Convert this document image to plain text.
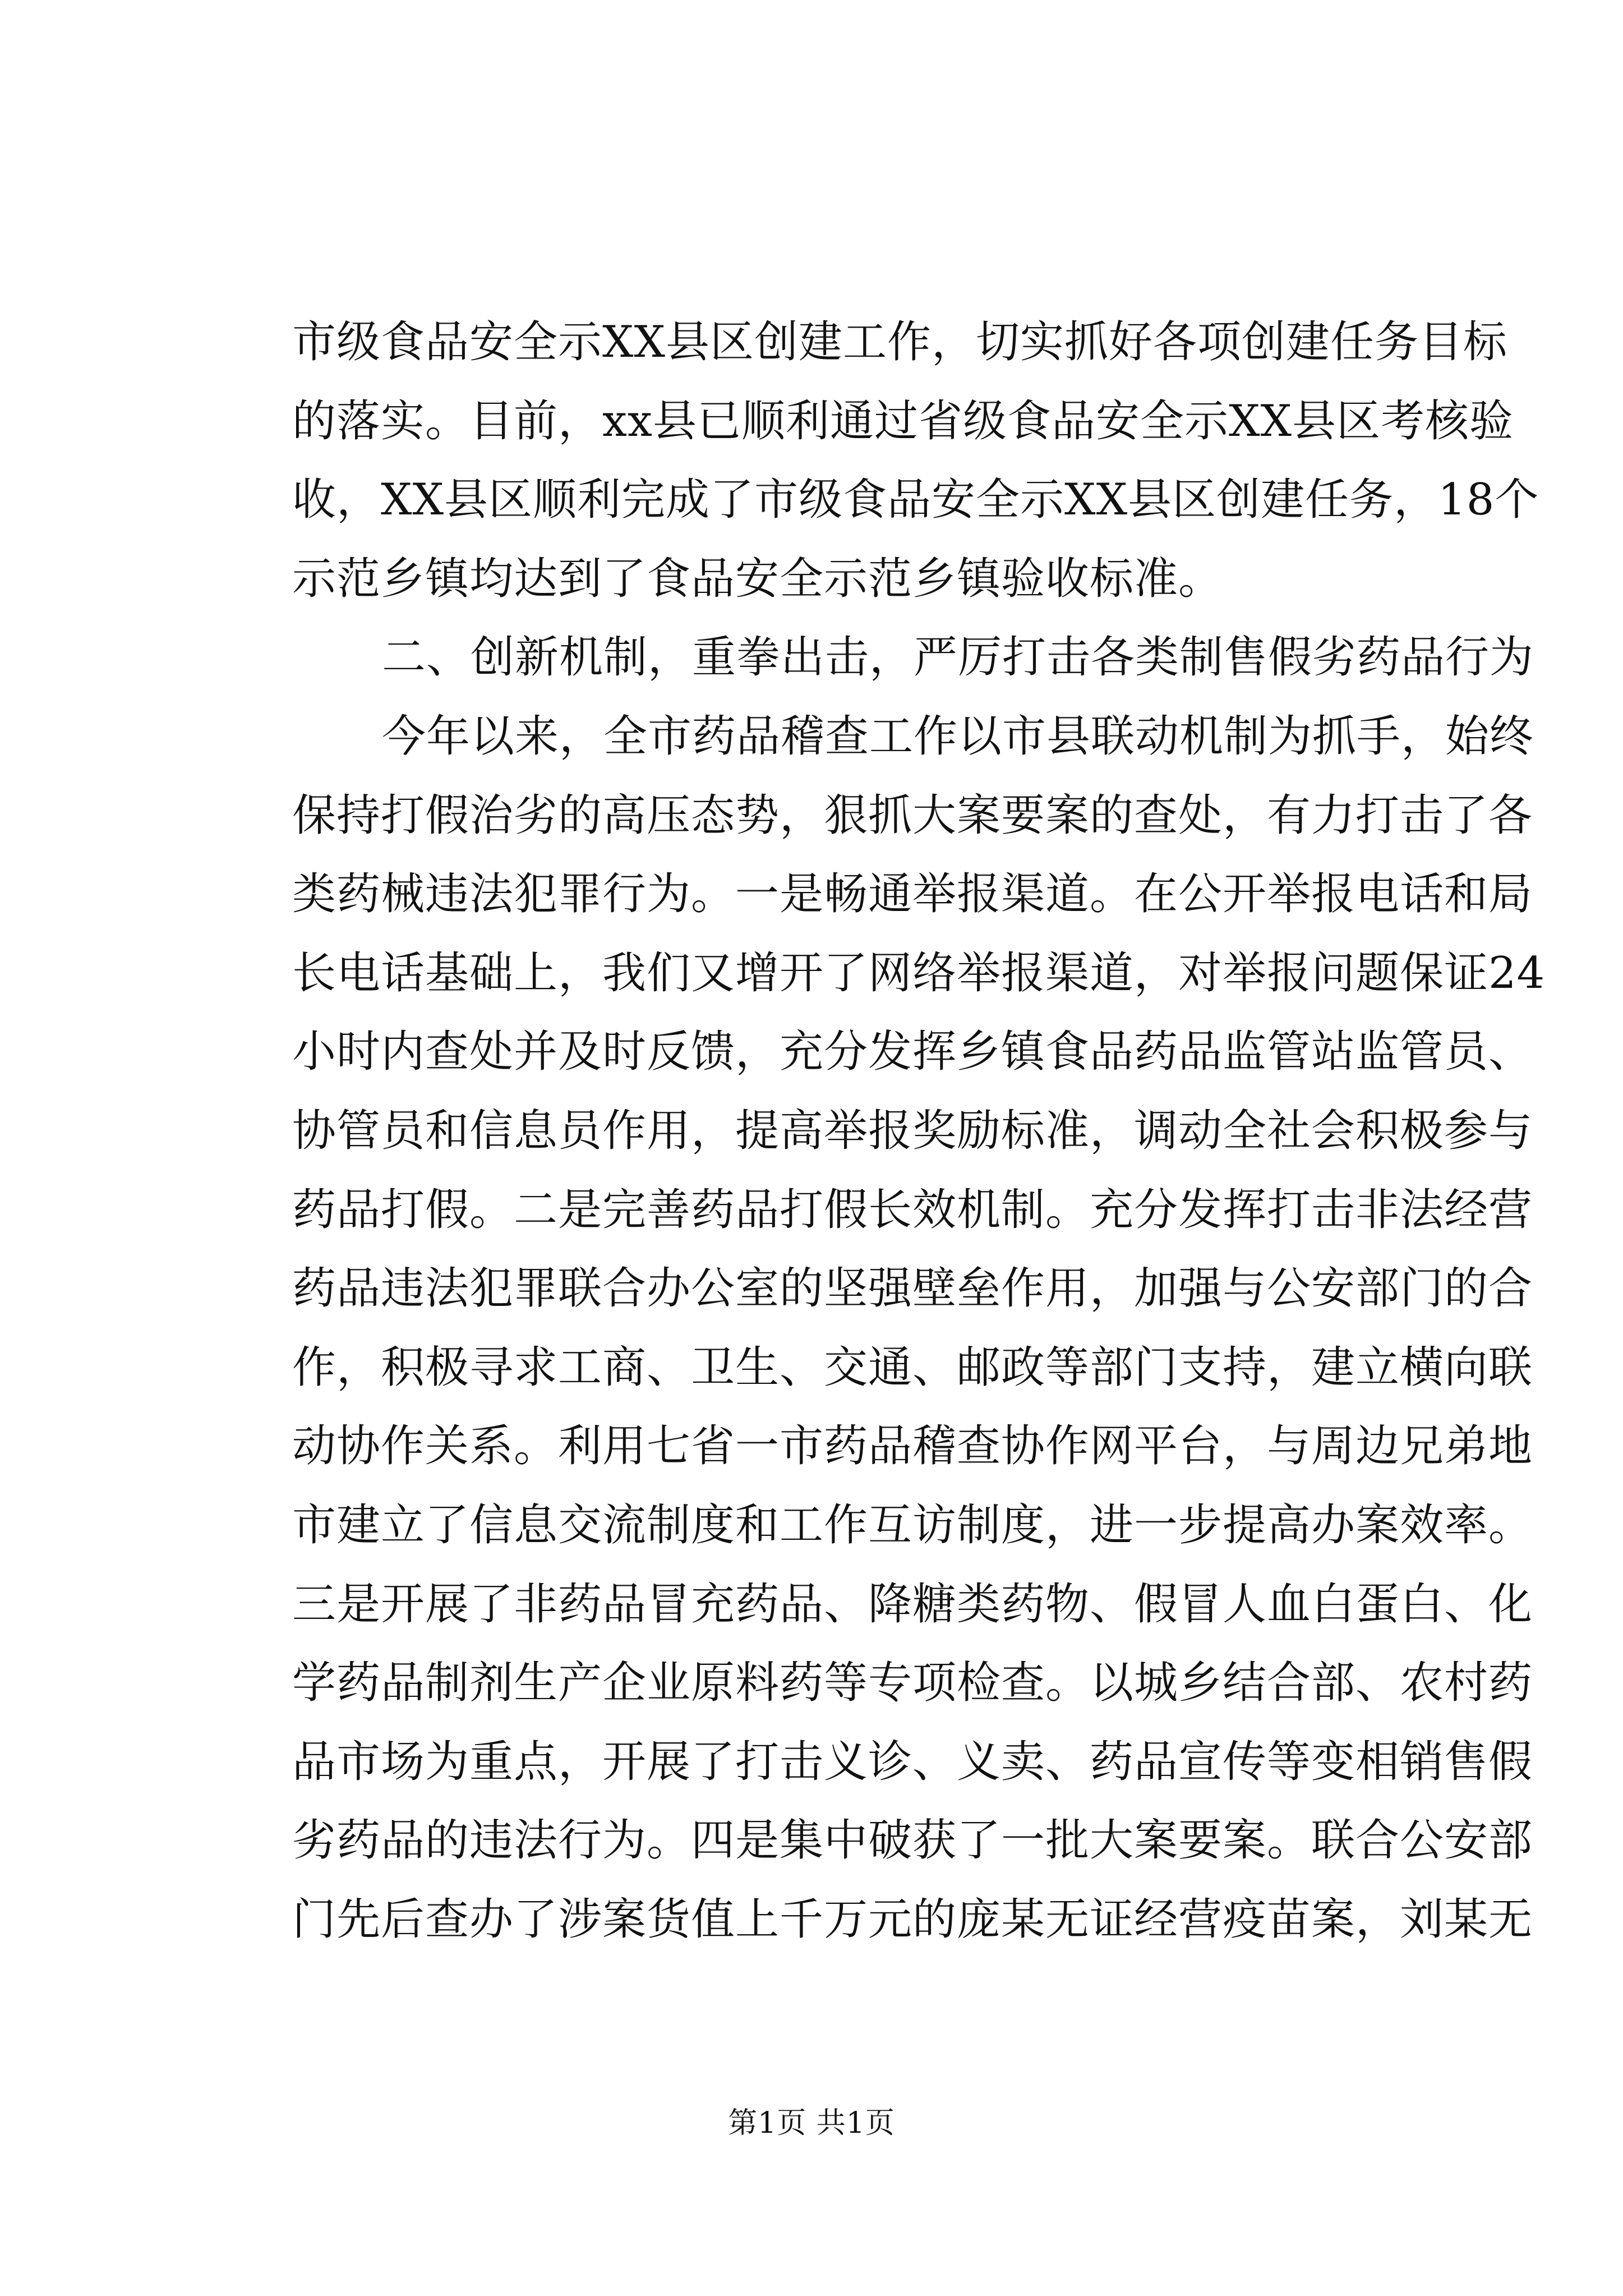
市级食品安全示XX县区创建工作，切实抓好各项创建任务目标
的落实。目前，xx县已顺利通过省级食品安全示XX县区考核验
收，XX县区顺利完成了市级食品安全示XX县区创建任务，18个
示范乡镇均达到了食品安全示范乡镇验收标准。

二、创新机制，重拳出击，严厉打击各类制售假劣药品行为

今年以来，全市药品稽查工作以市县联动机制为抓手，始终
保持打假治劣的高压态势，狠抓大案要案的查处，有力打击了各
类药械违法犯罪行为。一是畅通举报渠道。在公开举报电话和局
长电话基础上，我们又增开了网络举报渠道，对举报问题保证24
小时内查处并及时反馈，充分发挥乡镇食品药品监管站监管员、
协管员和信息员作用，提高举报奖励标准，调动全社会积极参与
药品打假。二是完善药品打假长效机制。充分发挥打击非法经营
药品违法犯罪联合办公室的坚强壁垒作用，加强与公安部门的合
作，积极寻求工商、卫生、交通、邮政等部门支持，建立横向联
动协作关系。利用七省一市药品稽查协作网平台，与周边兄弟地
市建立了信息交流制度和工作互访制度，进一步提高办案效率。
三是开展了非药品冒充药品、降糖类药物、假冒人血白蛋白、化
学药品制剂生产企业原料药等专项检查。以城乡结合部、农村药
品市场为重点，开展了打击义诊、义卖、药品宣传等变相销售假
劣药品的违法行为。四是集中破获了一批大案要案。联合公安部
门先后查办了涉案货值上千万元的庞某无证经营疫苗案，刘某无

第1页 共1页
